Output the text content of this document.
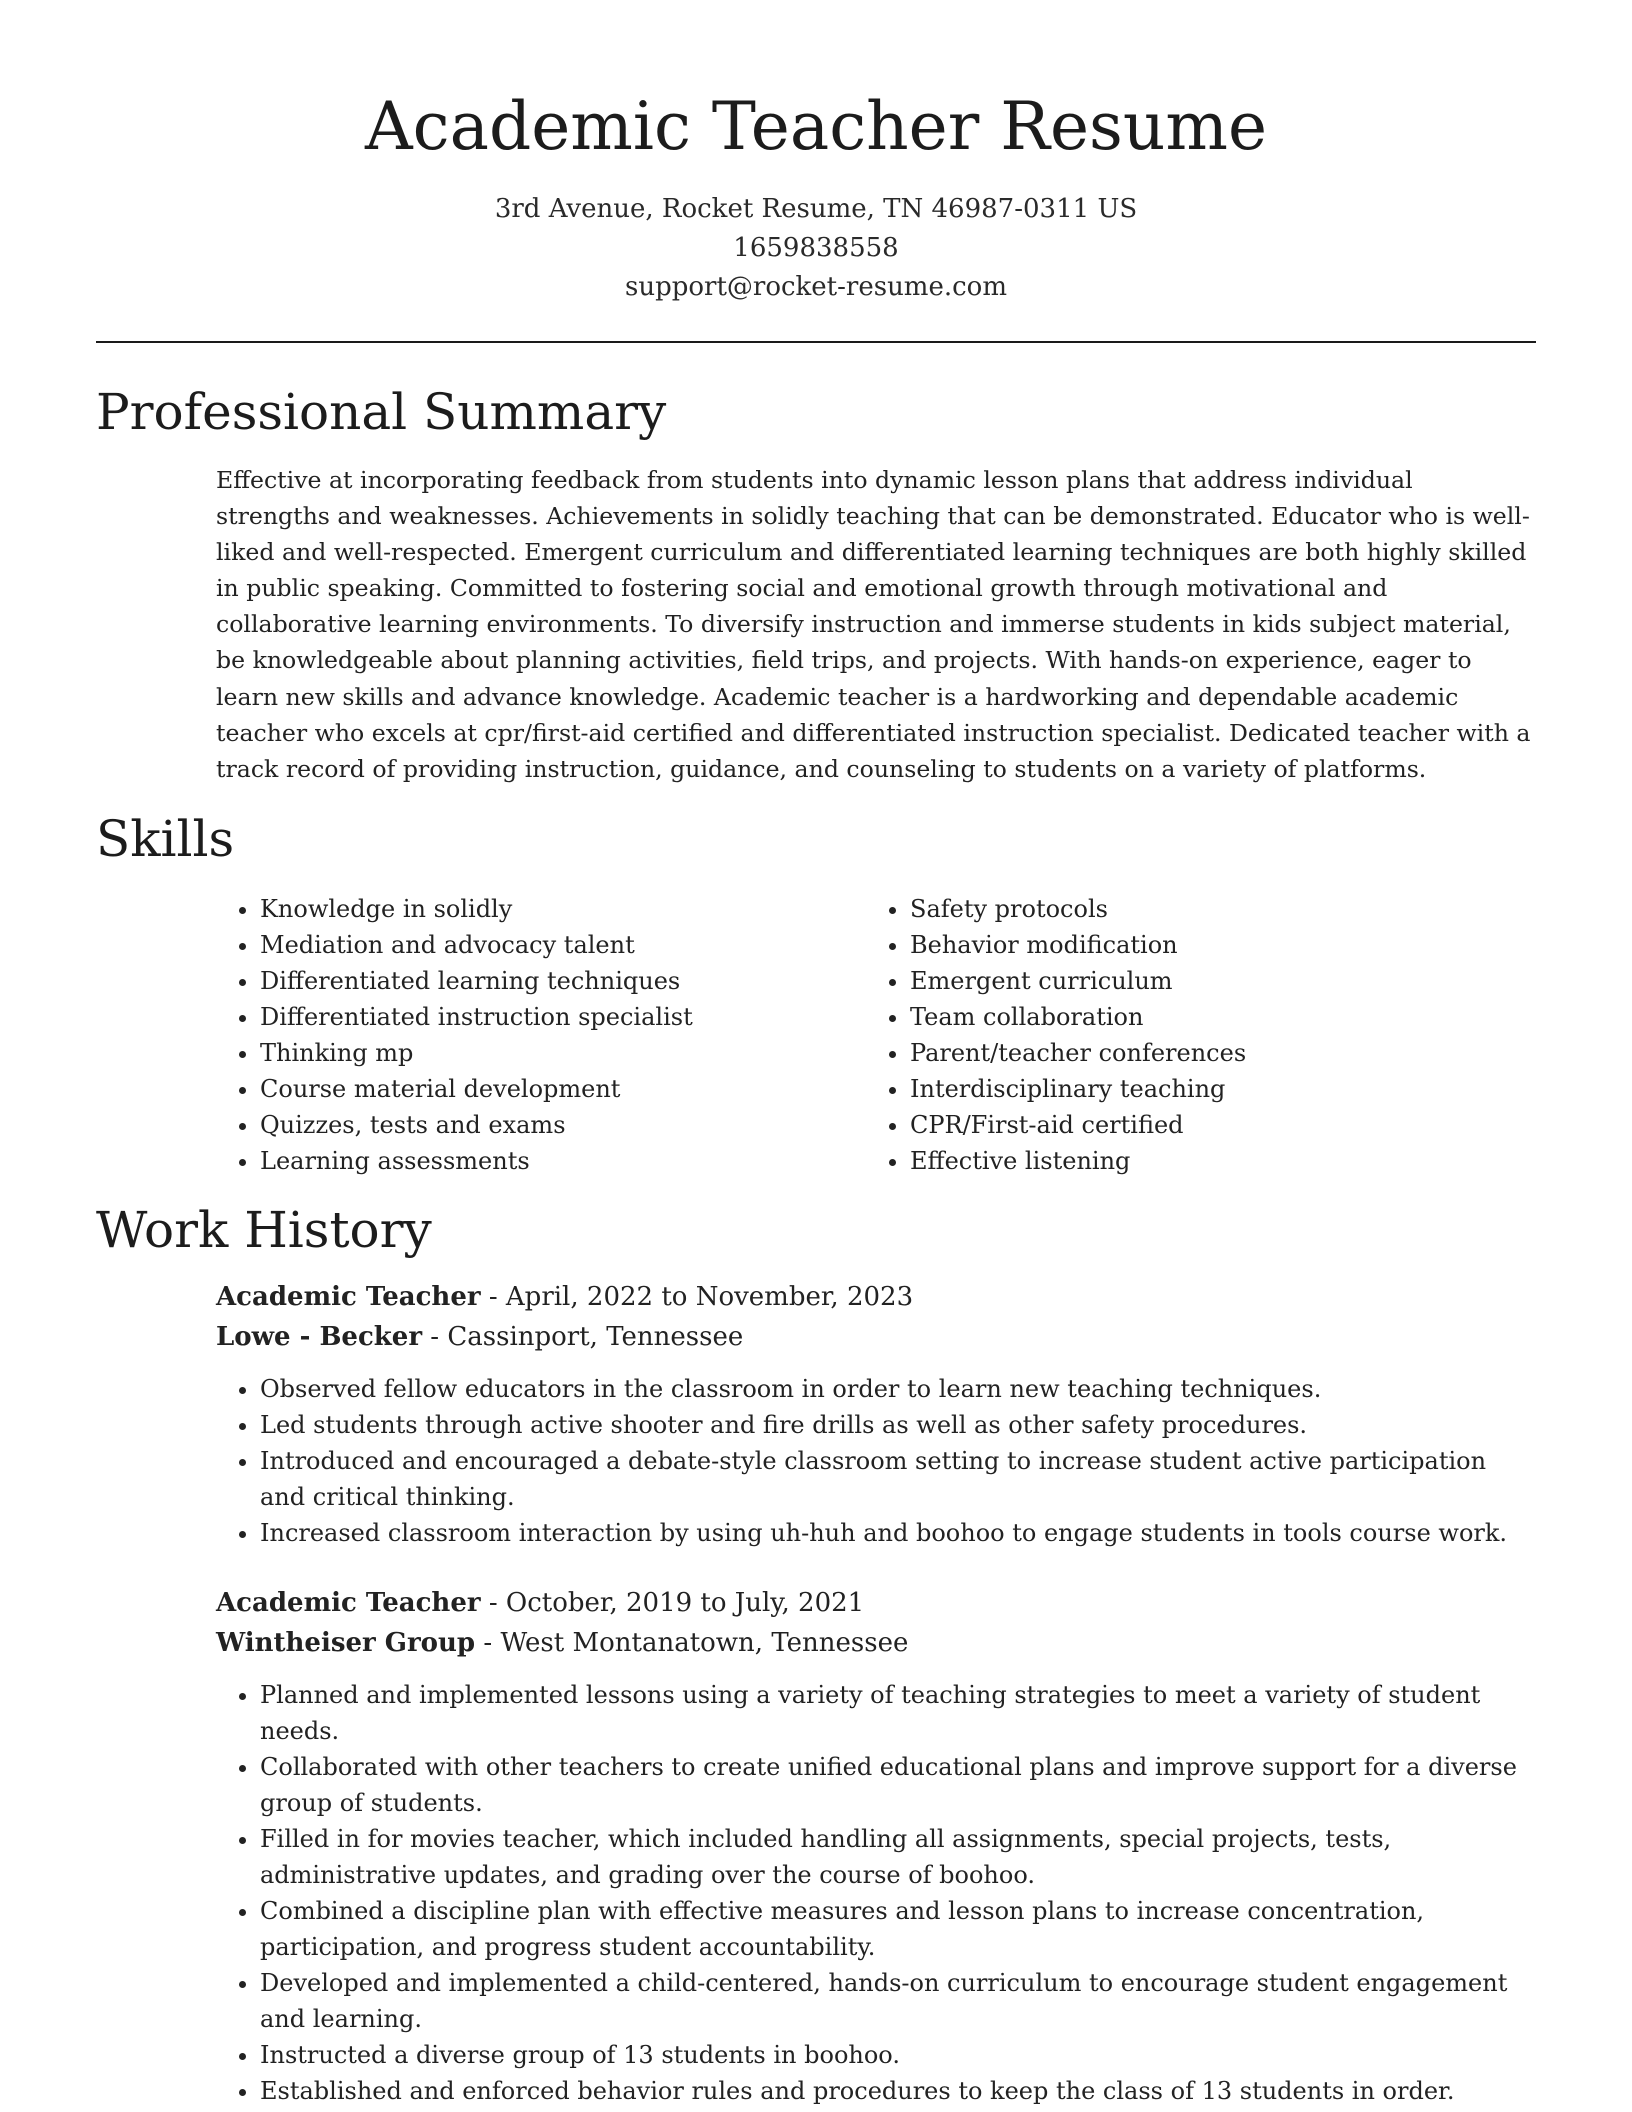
Academic Teacher Resume
3rd Avenue, Rocket Resume, TN 46987-0311 US
1659838558
support@rocket-resume.com
Professional Summary

Effective at incorporating feedback from students into dynamic lesson plans that address individual strengths and weaknesses. Achievements in solidly teaching that can be demonstrated. Educator who is well-liked and well-respected. Emergent curriculum and differentiated learning techniques are both highly skilled in public speaking. Committed to fostering social and emotional growth through motivational and collaborative learning environments. To diversify instruction and immerse students in kids subject material, be knowledgeable about planning activities, field trips, and projects. With hands-on experience, eager to learn new skills and advance knowledge. Academic teacher is a hardworking and dependable academic teacher who excels at cpr/first-aid certified and differentiated instruction specialist. Dedicated teacher with a track record of providing instruction, guidance, and counseling to students on a variety of platforms.

Skills
• Knowledge in solidly
• Mediation and advocacy talent
• Differentiated learning techniques
• Differentiated instruction specialist
• Thinking mp
• Course material development
• Quizzes, tests and exams
• Learning assessments
• Safety protocols
• Behavior modification
• Emergent curriculum
• Team collaboration
• Parent/teacher conferences
• Interdisciplinary teaching
• CPR/First-aid certified
• Effective listening
Work History

Academic Teacher - April, 2022 to November, 2023

Lowe - Becker - Cassinport, Tennessee

• Observed fellow educators in the classroom in order to learn new teaching techniques.
• Led students through active shooter and fire drills as well as other safety procedures.
• Introduced and encouraged a debate-style classroom setting to increase student active participation and critical thinking.
• Increased classroom interaction by using uh-huh and boohoo to engage students in tools course work.

Academic Teacher - October, 2019 to July, 2021

Wintheiser Group - West Montanatown, Tennessee

• Planned and implemented lessons using a variety of teaching strategies to meet a variety of student needs.
• Collaborated with other teachers to create unified educational plans and improve support for a diverse group of students.
• Filled in for movies teacher, which included handling all assignments, special projects, tests, administrative updates, and grading over the course of boohoo.
• Combined a discipline plan with effective measures and lesson plans to increase concentration, participation, and progress student accountability.
• Developed and implemented a child-centered, hands-on curriculum to encourage student engagement and learning.
• Instructed a diverse group of 13 students in boohoo.
• Established and enforced behavior rules and procedures to keep the class of 13 students in order.
